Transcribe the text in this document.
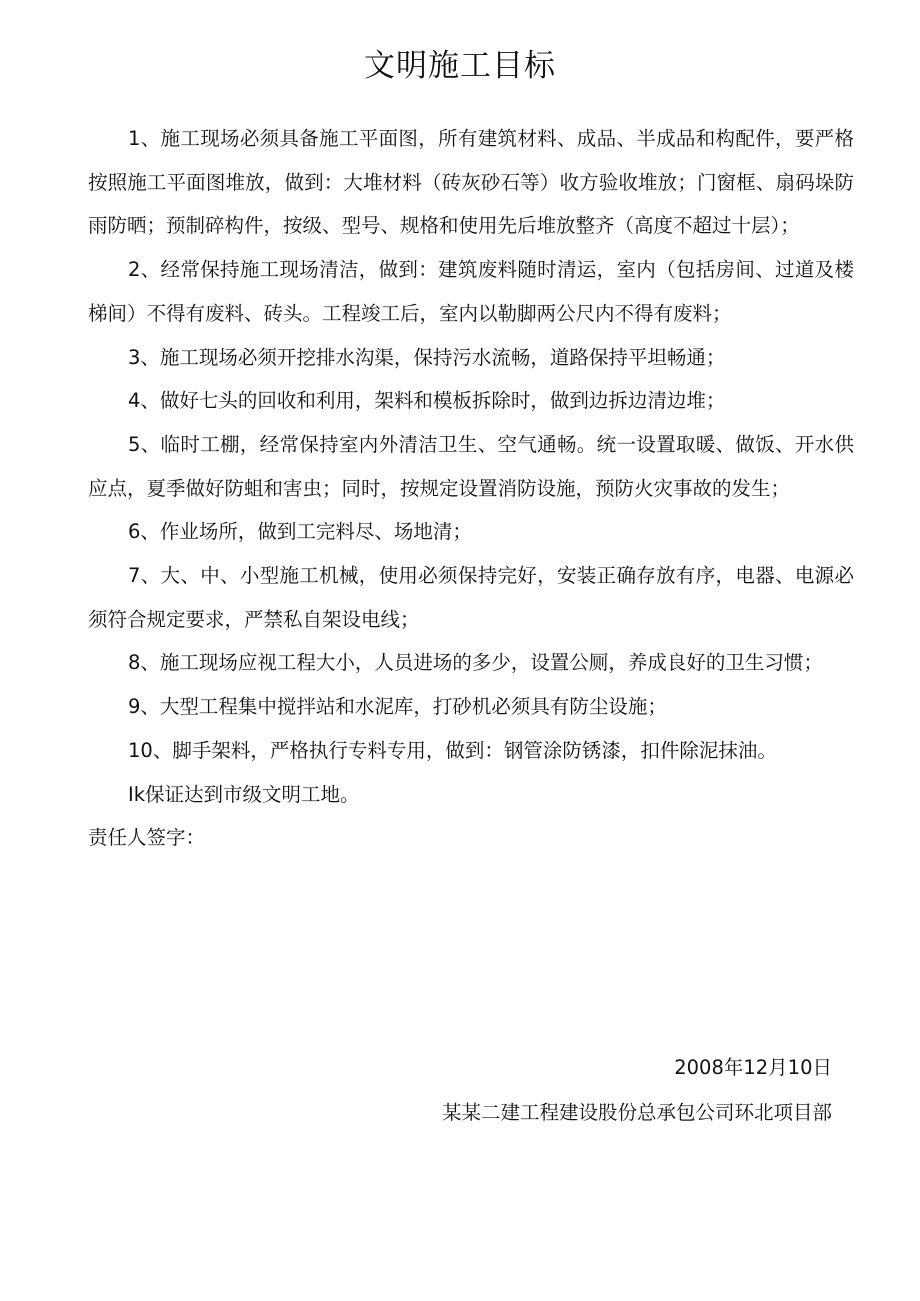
文明施工目标

1、施工现场必须具备施工平面图，所有建筑材料、成品、半成品和构配件，要严格按照施工平面图堆放，做到：大堆材料（砖灰砂石等）收方验收堆放；门窗框、扇码垛防雨防晒；预制碎构件，按级、型号、规格和使用先后堆放整齐（高度不超过十层）；

2、经常保持施工现场清洁，做到：建筑废料随时清运，室内（包括房间、过道及楼梯间）不得有废料、砖头。工程竣工后，室内以勒脚两公尺内不得有废料；

3、施工现场必须开挖排水沟渠，保持污水流畅，道路保持平坦畅通；

4、做好七头的回收和利用，架料和模板拆除时，做到边拆边清边堆；

5、临时工棚，经常保持室内外清洁卫生、空气通畅。统一设置取暖、做饭、开水供应点，夏季做好防蛆和害虫；同时，按规定设置消防设施，预防火灾事故的发生；

6、作业场所，做到工完料尽、场地清；

7、大、中、小型施工机械，使用必须保持完好，安装正确存放有序，电器、电源必须符合规定要求，严禁私自架设电线；

8、施工现场应视工程大小，人员进场的多少，设置公厕，养成良好的卫生习惯；

9、大型工程集中搅拌站和水泥库，打砂机必须具有防尘设施；

10、脚手架料，严格执行专料专用，做到：钢管涂防锈漆，扣件除泥抹油。

Ik保证达到市级文明工地。

责任人签字：

2008年12月10日
某某二建工程建设股份总承包公司环北项目部
